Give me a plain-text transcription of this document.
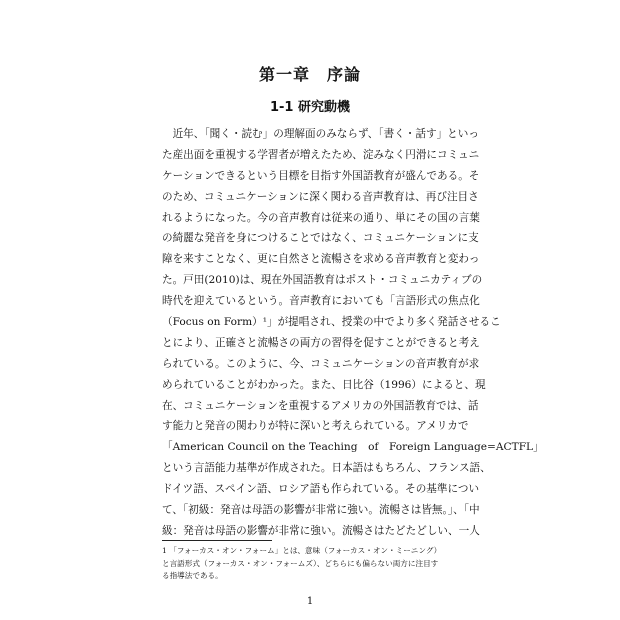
第一章　序論
1-1 研究動機
　近年、「聞く・読む」の理解面のみならず、「書く・話す」といっ
た産出面を重視する学習者が増えたため、淀みなく円滑にコミュニ
ケーションできるという目標を目指す外国語教育が盛んである。そ
のため、コミュニケーションに深く関わる音声教育は、再び注目さ
れるようになった。今の音声教育は従来の通り、単にその国の言葉
の綺麗な発音を身につけることではなく、コミュニケーションに支
障を来すことなく、更に自然さと流暢さを求める音声教育と変わっ
た。戸田(2010)は、現在外国語教育はポスト・コミュニカティブの
時代を迎えているという。音声教育においても「言語形式の焦点化
（Focus on Form）¹」が提唱され、授業の中でより多く発話させるこ
とにより、正確さと流暢さの両方の習得を促すことができると考え
られている。このように、今、コミュニケーションの音声教育が求
められていることがわかった。また、日比谷（1996）によると、現
在、コミュニケーションを重視するアメリカの外国語教育では、話
す能力と発音の関わりが特に深いと考えられている。アメリカで
「American Council on the Teaching　of　Foreign Language=ACTFL」
という言語能力基準が作成された。日本語はもちろん、フランス語、
ドイツ語、スペイン語、ロシア語も作られている。その基準につい
て、「初級：発音は母語の影響が非常に強い。流暢さは皆無。」、「中
級：発音は母語の影響が非常に強い。流暢さはたどたどしい、一人
1 「フォーカス・オン・フォーム」とは、意味（フォーカス・オン・ミーニング）
と言語形式（フォーカス・オン・フォームズ）、どちらにも偏らない両方に注目す
る指導法である。
1
